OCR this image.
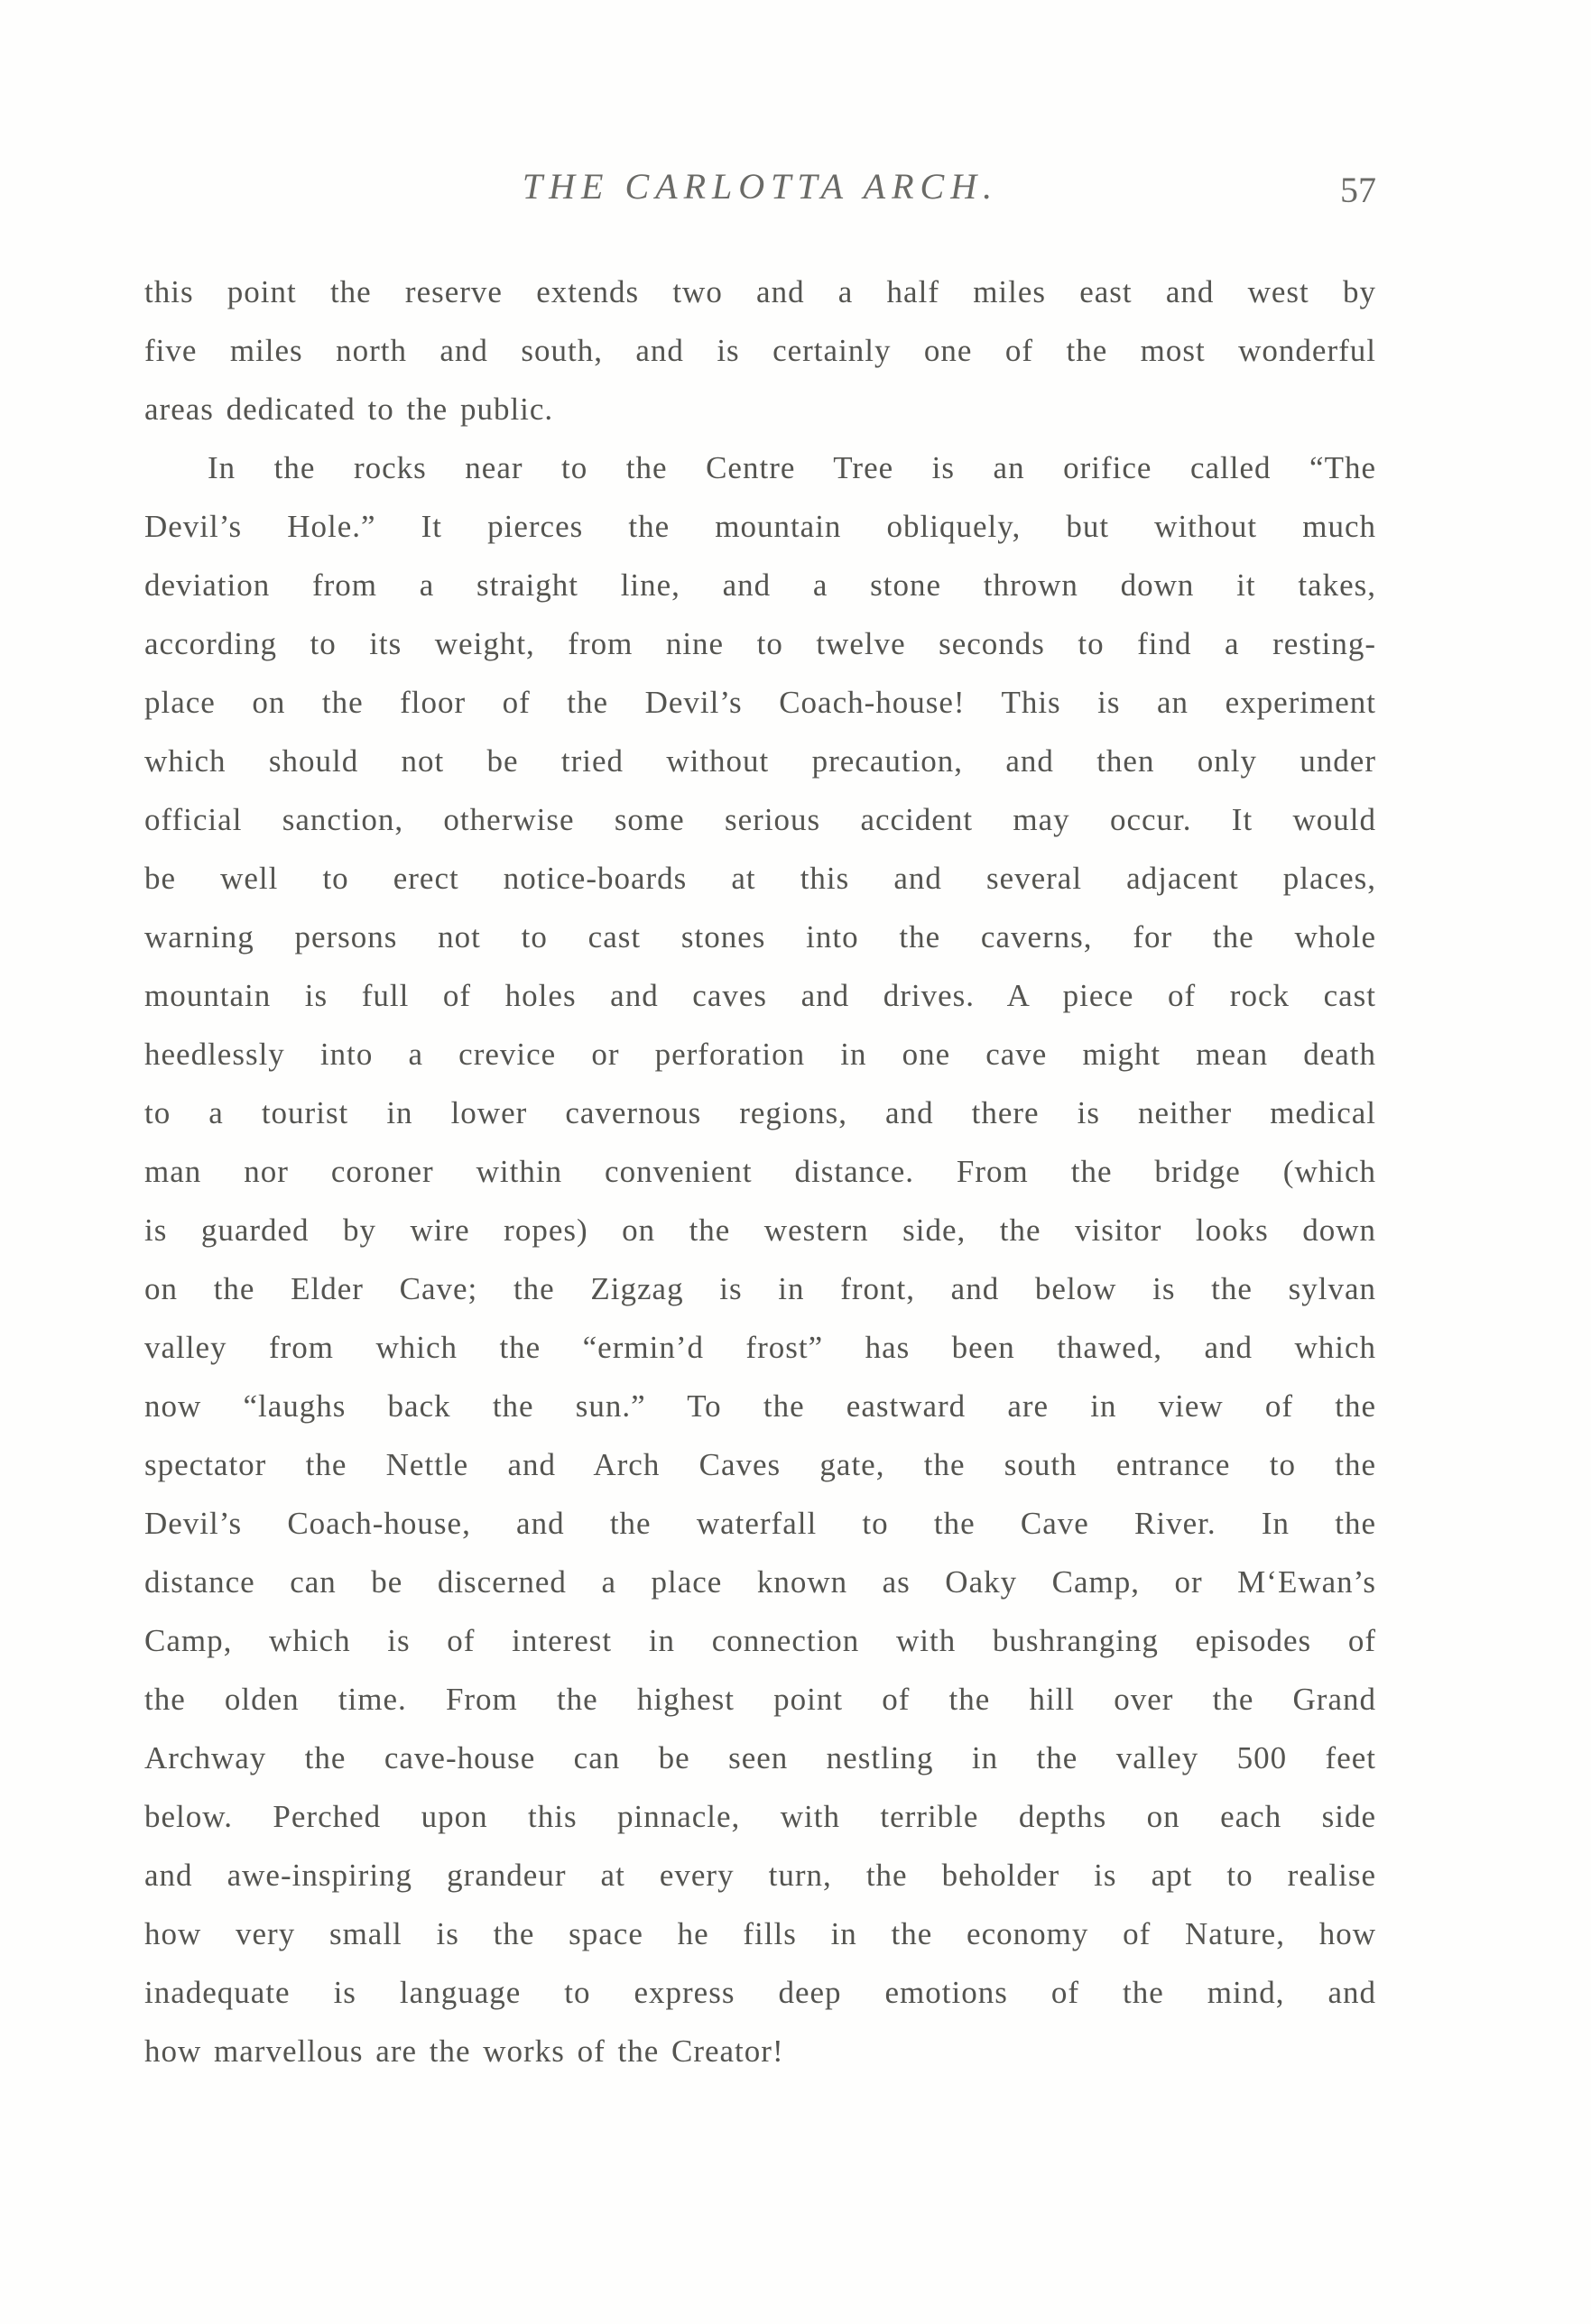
THE CARLOTTA ARCH.	57

this point the reserve extends two and a half miles east and west by

five miles north and south, and is certainly one of the most wonderful

areas dedicated to the public.

In the rocks near to the Centre Tree is an orifice called “The

Devil’s Hole.” It pierces the mountain obliquely, but without much

deviation from a straight line, and a stone thrown down it takes,

according to its weight, from nine to twelve seconds to find a resting-

place on the floor of the Devil’s Coach-house! This is an experiment

which should not be tried without precaution, and then only under

official sanction, otherwise some serious accident may occur. It would

be well to erect notice-boards at this and several adjacent places,

warning persons not to cast stones into the caverns, for the whole

mountain is full of holes and caves and drives. A piece of rock cast

heedlessly into a crevice or perforation in one cave might mean death

to a tourist in lower cavernous regions, and there is neither medical

man nor coroner within convenient distance. From the bridge (which

is guarded by wire ropes) on the western side, the visitor looks down

on the Elder Cave; the Zigzag is in front, and below is the sylvan

valley from which the “ermin’d frost” has been thawed, and which

now “laughs back the sun.” To the eastward are in view of the

spectator the Nettle and Arch Caves gate, the south entrance to the

Devil’s Coach-house, and the waterfall to the Cave River. In the

distance can be discerned a place known as Oaky Camp, or M‘Ewan’s

Camp, which is of interest in connection with bushranging episodes of

the olden time. From the highest point of the hill over the Grand

Archway the cave-house can be seen nestling in the valley 500 feet

below. Perched upon this pinnacle, with terrible depths on each side

and awe-inspiring grandeur at every turn, the beholder is apt to realise

how very small is the space he fills in the economy of Nature, how

inadequate is language to express deep emotions of the mind, and

how marvellous are the works of the Creator!
